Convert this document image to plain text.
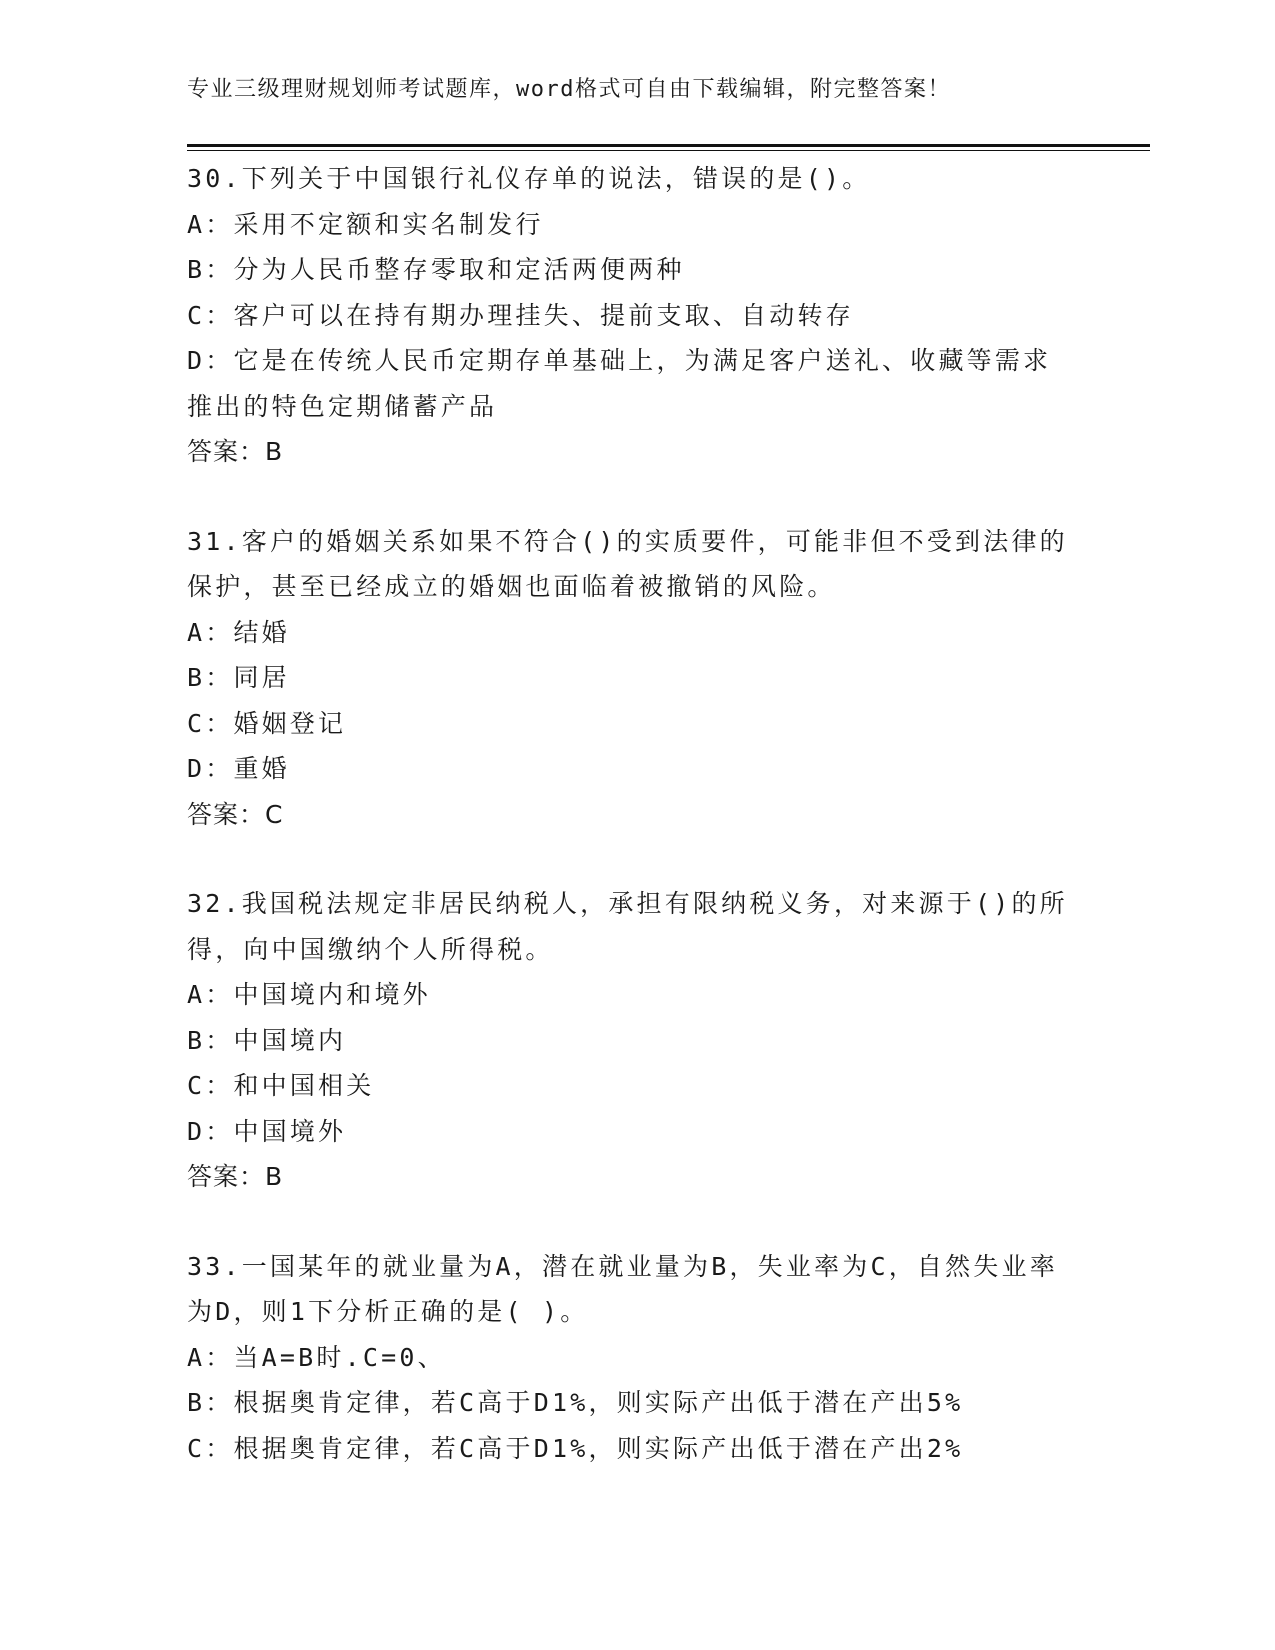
专业三级理财规划师考试题库，word格式可自由下载编辑，附完整答案！
30.下列关于中国银行礼仪存单的说法，错误的是()。
A：采用不定额和实名制发行
B：分为人民币整存零取和定活两便两种
C：客户可以在持有期办理挂失、提前支取、自动转存
D：它是在传统人民币定期存单基础上，为满足客户送礼、收藏等需求
推出的特色定期储蓄产品
答案：B
31.客户的婚姻关系如果不符合()的实质要件，可能非但不受到法律的
保护，甚至已经成立的婚姻也面临着被撤销的风险。
A：结婚
B：同居
C：婚姻登记
D：重婚
答案：C
32.我国税法规定非居民纳税人，承担有限纳税义务，对来源于()的所
得，向中国缴纳个人所得税。
A：中国境内和境外
B：中国境内
C：和中国相关
D：中国境外
答案：B
33.一国某年的就业量为A，潜在就业量为B，失业率为C，自然失业率
为D，则1下分析正确的是( )。
A：当A=B时.C=0、
B：根据奥肯定律，若C高于D1%，则实际产出低于潜在产出5%
C：根据奥肯定律，若C高于D1%，则实际产出低于潜在产出2%
